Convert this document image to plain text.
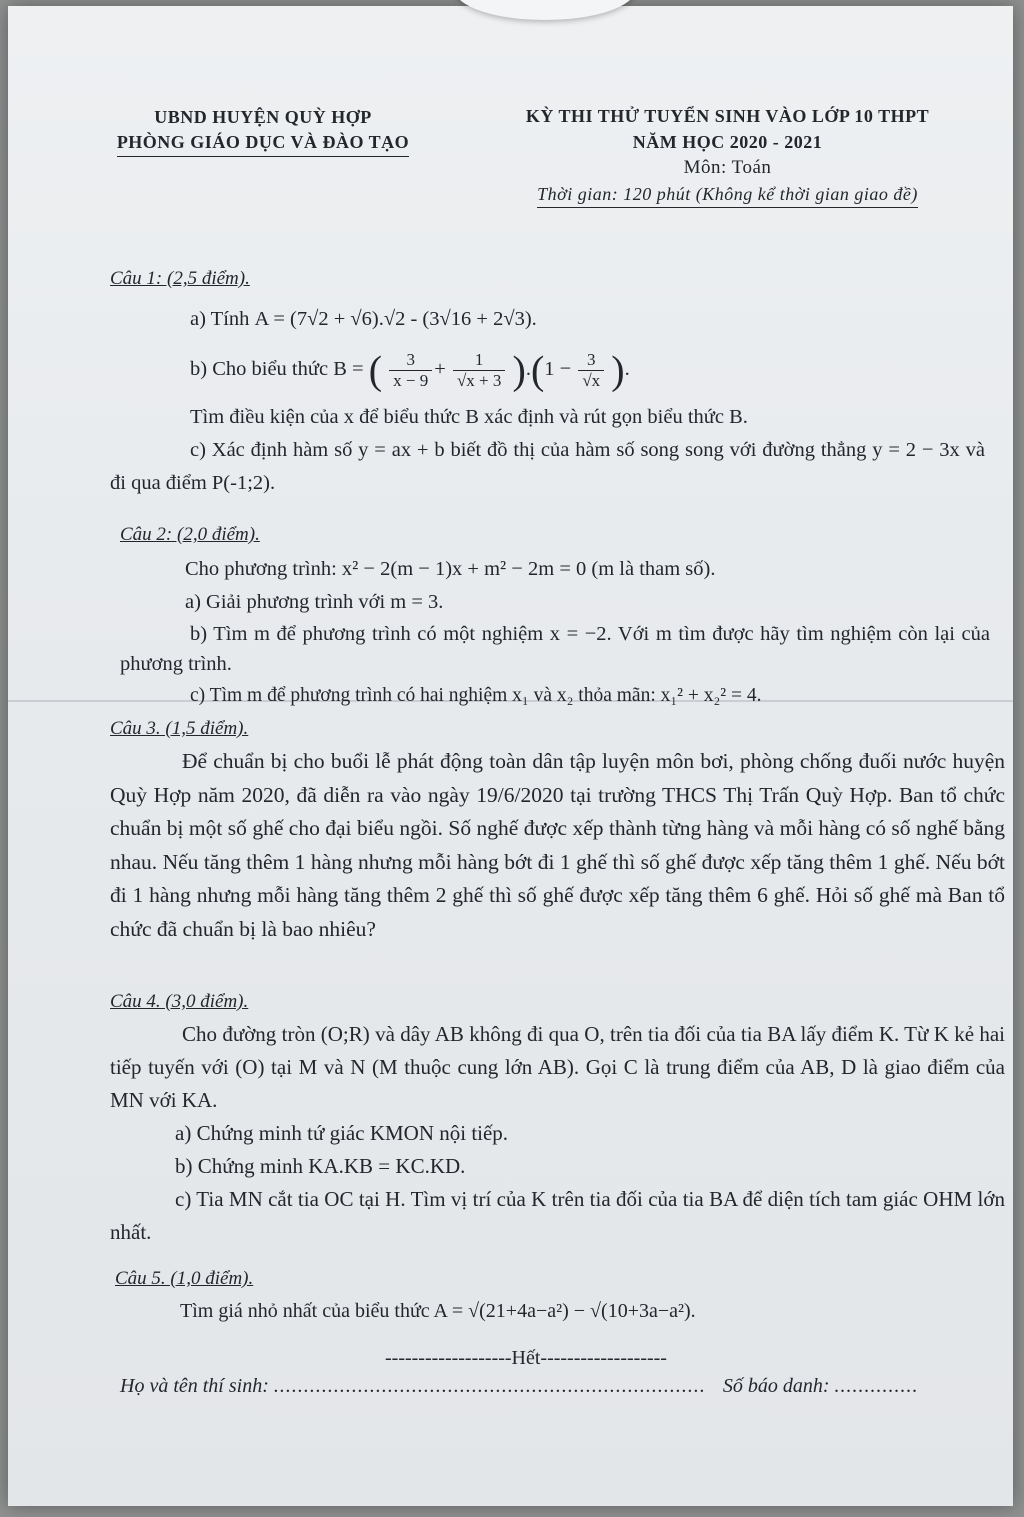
UBND HUYỆN QUỲ HỢP
PHÒNG GIÁO DỤC VÀ ĐÀO TẠO
KỲ THI THỬ TUYỂN SINH VÀO LỚP 10 THPT
NĂM HỌC 2020 - 2021
Môn: Toán
Thời gian: 120 phút (Không kể thời gian giao đề)
Câu 1: (2,5 điểm).
a) Tính A = (7√2 + √6).√2 - (3√16 + 2√3).
b) Cho biểu thức B = ( $\frac{3}{x - 9} + \frac{1}{√x + 3} ).(1 - \frac{3}{√x}$ ).
Tìm điều kiện của x để biểu thức B xác định và rút gọn biểu thức B.
c) Xác định hàm số y = ax + b biết đồ thị của hàm số song song với đường thẳng y = 2 − 3x và đi qua điểm P(-1;2).
Câu 2: (2,0 điểm).
Cho phương trình: x² − 2(m − 1)x + m² − 2m = 0 (m là tham số).
a) Giải phương trình với m = 3.
b) Tìm m để phương trình có một nghiệm x = −2. Với m tìm được hãy tìm nghiệm còn lại của phương trình.
c) Tìm m để phương trình có hai nghiệm x₁ và x₂ thỏa mãn: x₁² + x₂² = 4.
Câu 3. (1,5 điểm).
Để chuẩn bị cho buổi lễ phát động toàn dân tập luyện môn bơi, phòng chống đuối nước huyện Quỳ Hợp năm 2020, đã diễn ra vào ngày 19/6/2020 tại trường THCS Thị Trấn Quỳ Hợp. Ban tổ chức chuẩn bị một số ghế cho đại biểu ngồi. Số nghế được xếp thành từng hàng và mỗi hàng có số nghế bằng nhau. Nếu tăng thêm 1 hàng nhưng mỗi hàng bớt đi 1 ghế thì số ghế được xếp tăng thêm 1 ghế. Nếu bớt đi 1 hàng nhưng mỗi hàng tăng thêm 2 ghế thì số ghế được xếp tăng thêm 6 ghế. Hỏi số ghế mà Ban tổ chức đã chuẩn bị là bao nhiêu?
Câu 4. (3,0 điểm).
Cho đường tròn (O;R) và dây AB không đi qua O, trên tia đối của tia BA lấy điểm K. Từ K kẻ hai tiếp tuyến với (O) tại M và N (M thuộc cung lớn AB). Gọi C là trung điểm của AB, D là giao điểm của MN với KA.
a) Chứng minh tứ giác KMON nội tiếp.
b) Chứng minh KA.KB = KC.KD.
c) Tia MN cắt tia OC tại H. Tìm vị trí của K trên tia đối của tia BA để diện tích tam giác OHM lớn nhất.
Câu 5. (1,0 điểm).
Tìm giá nhỏ nhất của biểu thức A = √(21+4a−a²) − √(10+3a−a²).
-------------------Hết-------------------
Họ và tên thí sinh: ........................................................................ Số báo danh: ..............
